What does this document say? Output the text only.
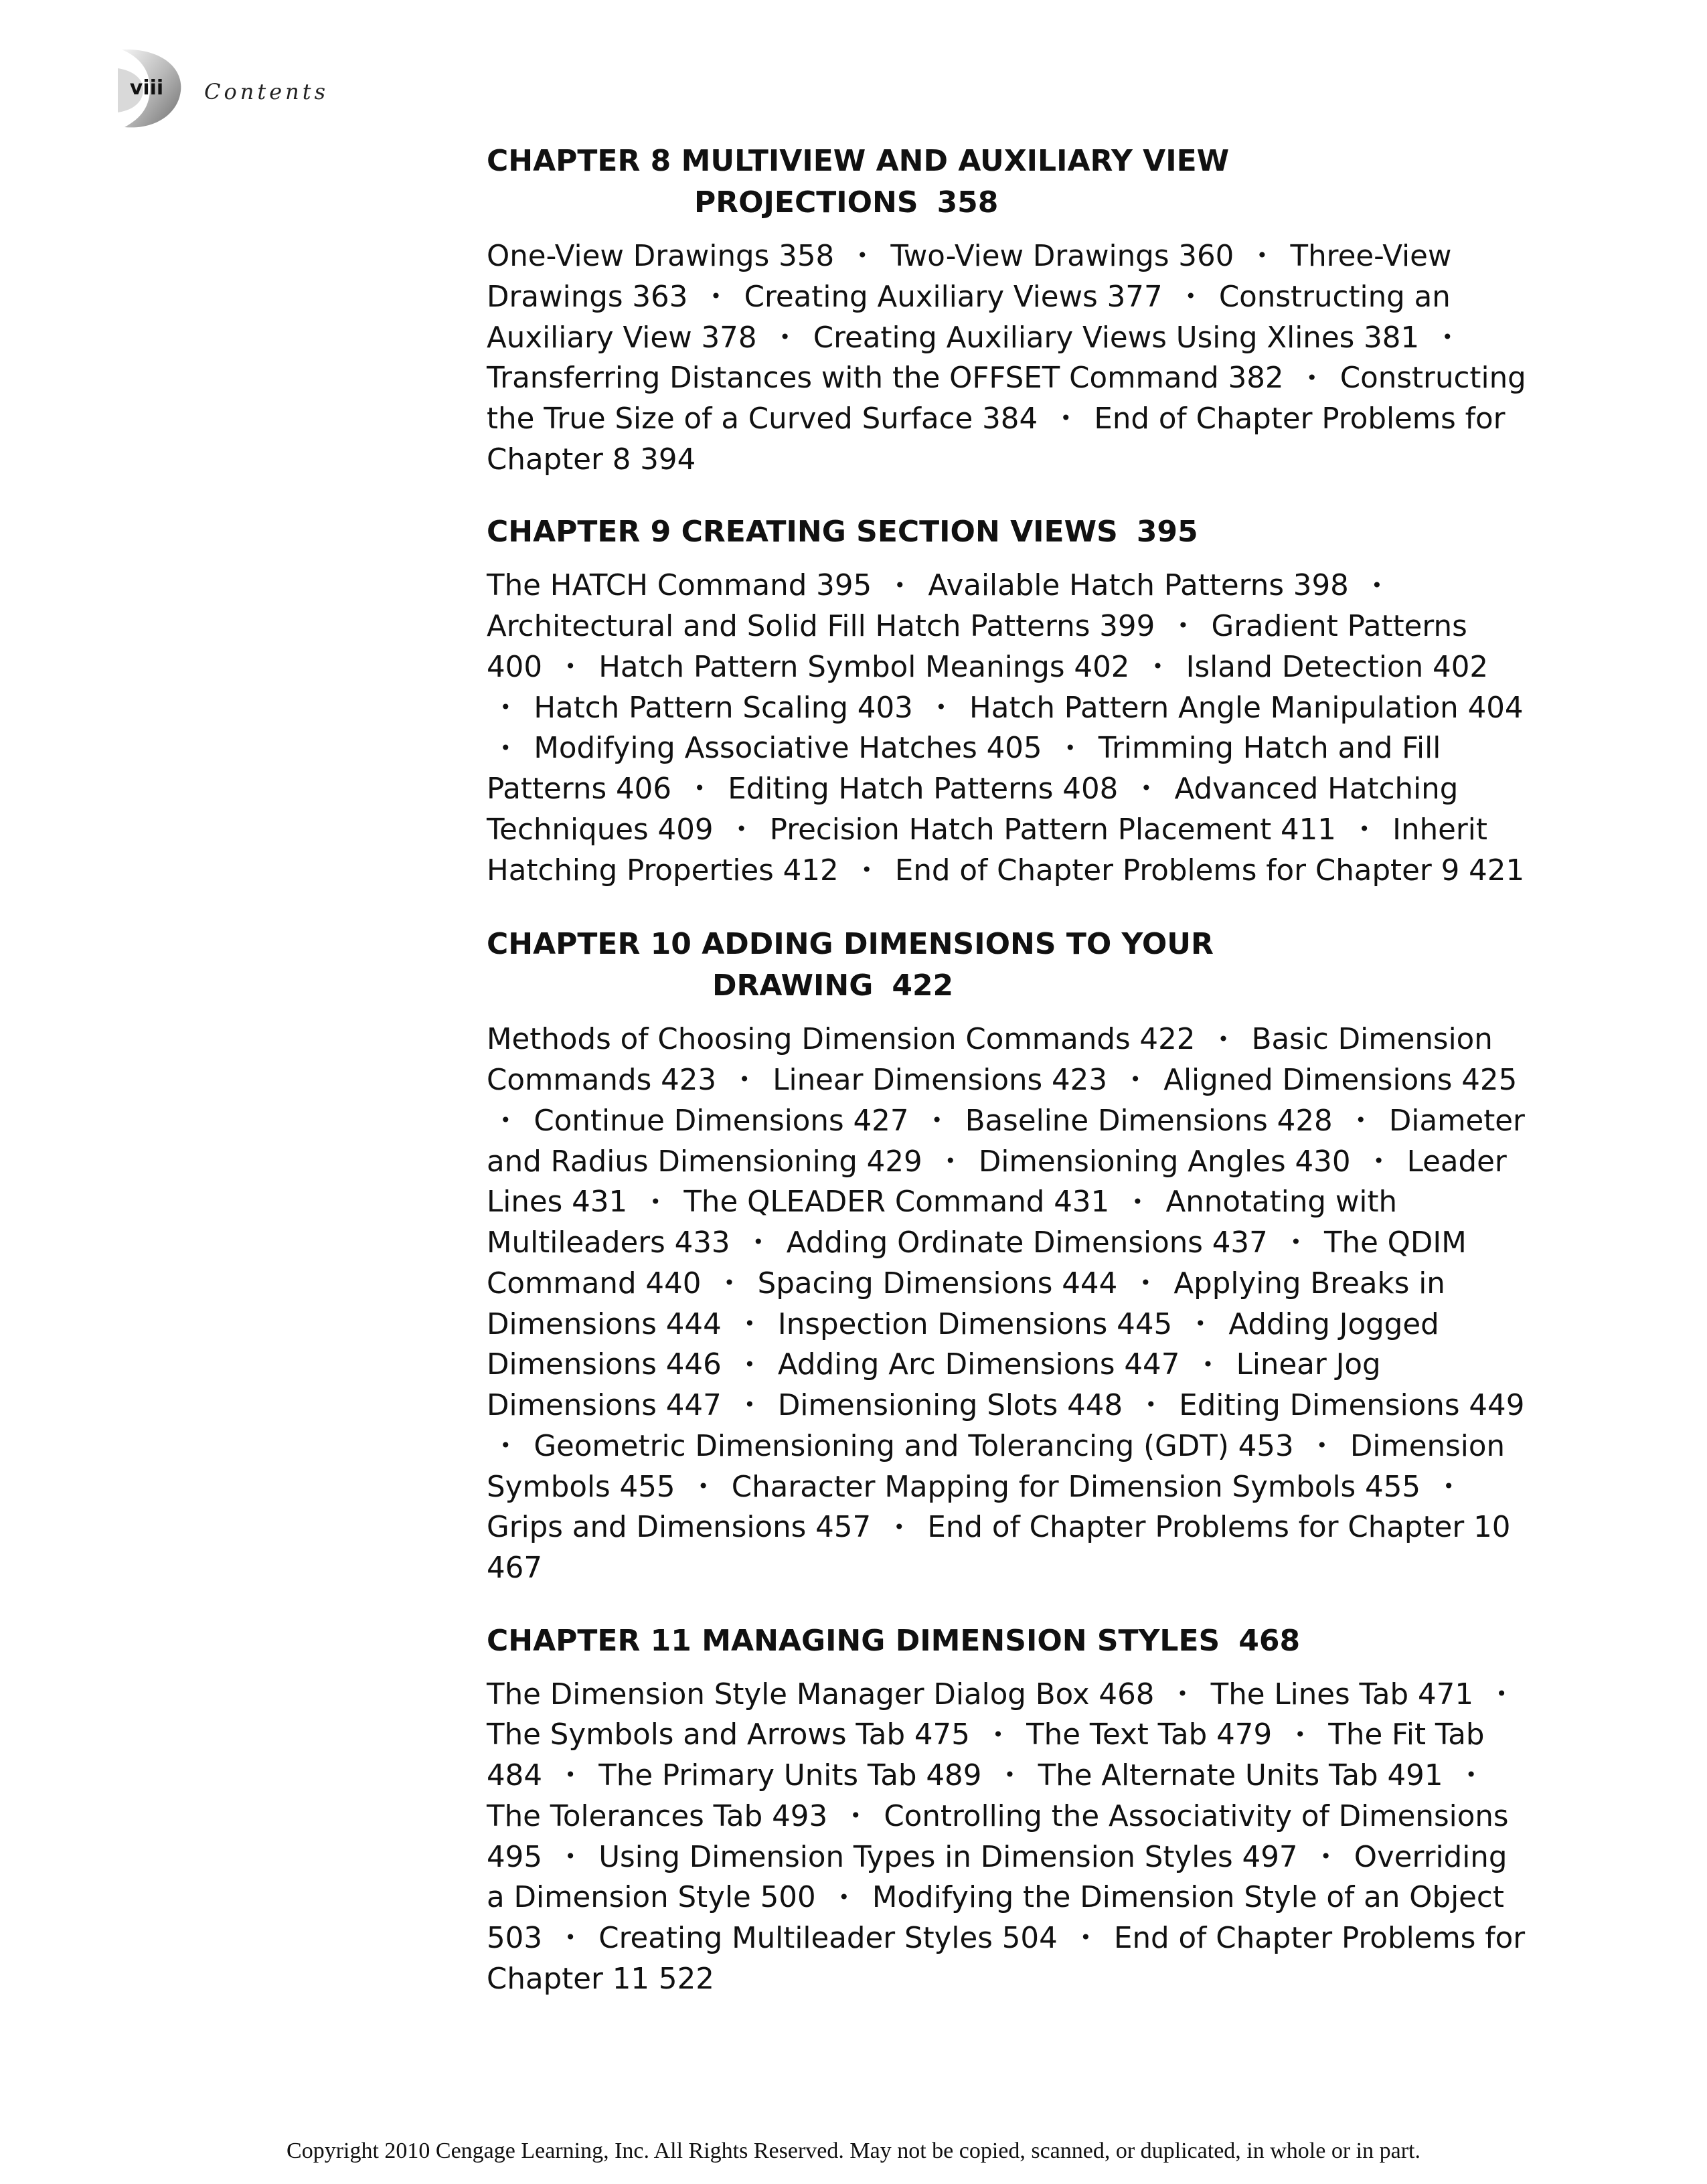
viii	Contents
CHAPTER 8 MULTIVIEW AND AUXILIARY VIEW
PROJECTIONS 358

One-View Drawings 358 • Two-View Drawings 360 • Three-View Drawings 363 • Creating Auxiliary Views 377 • Constructing an Auxiliary View 378 • Creating Auxiliary Views Using Xlines 381 • Transferring Distances with the OFFSET Command 382 • Constructing the True Size of a Curved Surface 384 • End of Chapter Problems for Chapter 8 394

CHAPTER 9 CREATING SECTION VIEWS 395

The HATCH Command 395 • Available Hatch Patterns 398 • Architectural and Solid Fill Hatch Patterns 399 • Gradient Patterns 400 • Hatch Pattern Symbol Meanings 402 • Island Detection 402 • Hatch Pattern Scaling 403 • Hatch Pattern Angle Manipulation 404 • Modifying Associative Hatches 405 • Trimming Hatch and Fill Patterns 406 • Editing Hatch Patterns 408 • Advanced Hatching Techniques 409 • Precision Hatch Pattern Placement 411 • Inherit Hatching Properties 412 • End of Chapter Problems for Chapter 9 421

CHAPTER 10 ADDING DIMENSIONS TO YOUR
DRAWING 422

Methods of Choosing Dimension Commands 422 • Basic Dimension Commands 423 • Linear Dimensions 423 • Aligned Dimensions 425 • Continue Dimensions 427 • Baseline Dimensions 428 • Diameter and Radius Dimensioning 429 • Dimensioning Angles 430 • Leader Lines 431 • The QLEADER Command 431 • Annotating with Multileaders 433 • Adding Ordinate Dimensions 437 • The QDIM Command 440 • Spacing Dimensions 444 • Applying Breaks in Dimensions 444 • Inspection Dimensions 445 • Adding Jogged Dimensions 446 • Adding Arc Dimensions 447 • Linear Jog Dimensions 447 • Dimensioning Slots 448 • Editing Dimensions 449 • Geometric Dimensioning and Tolerancing (GDT) 453 • Dimension Symbols 455 • Character Mapping for Dimension Symbols 455 • Grips and Dimensions 457 • End of Chapter Problems for Chapter 10 467

CHAPTER 11 MANAGING DIMENSION STYLES 468

The Dimension Style Manager Dialog Box 468 • The Lines Tab 471 • The Symbols and Arrows Tab 475 • The Text Tab 479 • The Fit Tab 484 • The Primary Units Tab 489 • The Alternate Units Tab 491 • The Tolerances Tab 493 • Controlling the Associativity of Dimensions 495 • Using Dimension Types in Dimension Styles 497 • Overriding a Dimension Style 500 • Modifying the Dimension Style of an Object 503 • Creating Multileader Styles 504 • End of Chapter Problems for Chapter 11 522

Copyright 2010 Cengage Learning, Inc. All Rights Reserved. May not be copied, scanned, or duplicated, in whole or in part.
